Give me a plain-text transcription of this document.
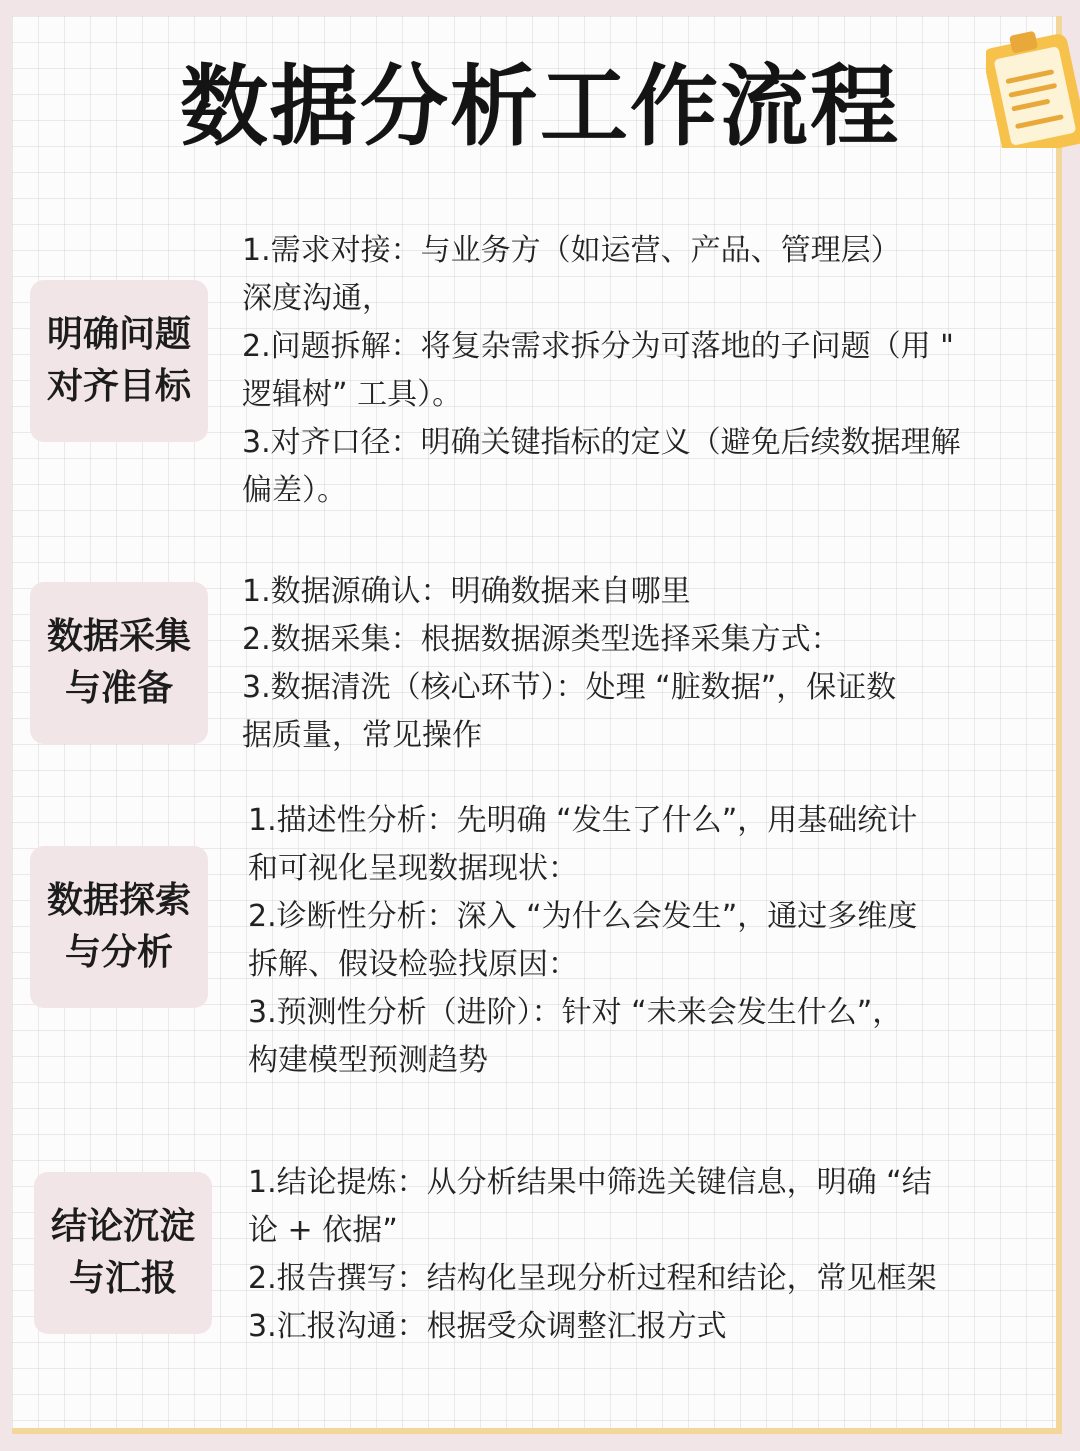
数据分析工作流程
明确问题
对齐目标
1.需求对接：与业务方（如运营、产品、管理层）
深度沟通，
2.问题拆解：将复杂需求拆分为可落地的子问题（用 "
逻辑树” 工具）。
3.对齐口径：明确关键指标的定义（避免后续数据理解
偏差）。
数据采集
与准备
1.数据源确认：明确数据来自哪里
2.数据采集：根据数据源类型选择采集方式：
3.数据清洗（核心环节）：处理 “脏数据”，保证数
据质量，常见操作
数据探索
与分析
1.描述性分析：先明确 “发生了什么”，用基础统计
和可视化呈现数据现状：
2.诊断性分析：深入 “为什么会发生”，通过多维度
拆解、假设检验找原因：
3.预测性分析（进阶）：针对 “未来会发生什么”，
构建模型预测趋势
结论沉淀
与汇报
1.结论提炼：从分析结果中筛选关键信息，明确 “结
论 + 依据”
2.报告撰写：结构化呈现分析过程和结论，常见框架
3.汇报沟通：根据受众调整汇报方式
